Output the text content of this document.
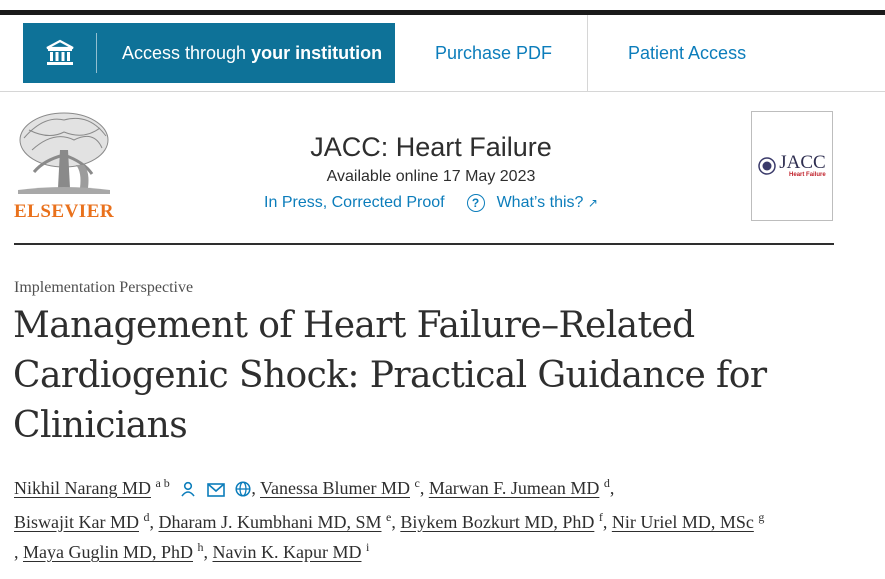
Access through your institution	Purchase PDF	Patient Access
ELSEVIER
JACC: Heart Failure
Available online 17 May 2023
In Press, Corrected Proof	?	What’s this? ↗
JACC
Heart Failure
Implementation Perspective
Management of Heart Failure–Related
Cardiogenic Shock: Practical Guidance for
Clinicians
Nikhil Narang MD $^{a b}$	, Vanessa Blumer MD $^c$, Marwan F. Jumean MD $^d$,
Biswajit Kar MD $^d$, Dharam J. Kumbhani MD, SM $^e$, Biykem Bozkurt MD, PhD $^f$, Nir Uriel MD, MSc $^g$
, Maya Guglin MD, PhD $^h$, Navin K. Kapur MD $^i$
